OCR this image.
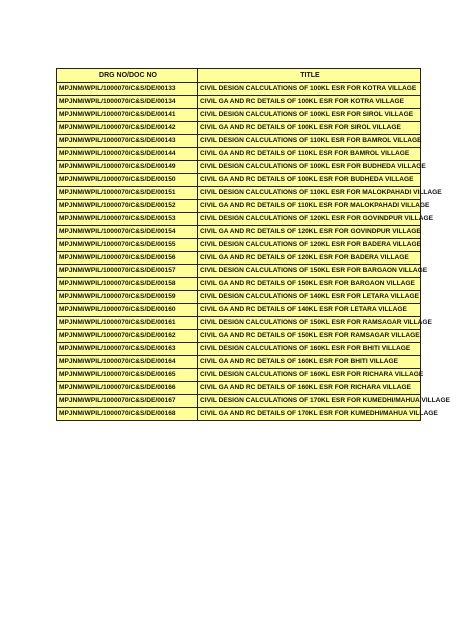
DRG NO/DOC NO	TITLE
MPJNM/WPIL/1000070/C&S/DE/00133	CIVIL DESIGN CALCULATIONS OF 100KL ESR FOR KOTRA VILLAGE
MPJNM/WPIL/1000070/C&S/DE/00134	CIVIL GA AND RC DETAILS OF 100KL ESR FOR KOTRA VILLAGE
MPJNM/WPIL/1000070/C&S/DE/00141	CIVIL DESIGN CALCULATIONS OF 100KL ESR FOR SIROL VILLAGE
MPJNM/WPIL/1000070/C&S/DE/00142	CIVIL GA AND RC DETAILS OF 100KL ESR FOR SIROL VILLAGE
MPJNM/WPIL/1000070/C&S/DE/00143	CIVIL DESIGN CALCULATIONS OF 110KL ESR FOR BAMROL VILLAGE
MPJNM/WPIL/1000070/C&S/DE/00144	CIVIL GA AND RC DETAILS OF 110KL ESR FOR BAMROL VILLAGE
MPJNM/WPIL/1000070/C&S/DE/00149	CIVIL DESIGN CALCULATIONS OF 100KL ESR FOR BUDHEDA VILLAGE
MPJNM/WPIL/1000070/C&S/DE/00150	CIVIL GA AND RC DETAILS OF 100KL ESR FOR BUDHEDA VILLAGE
MPJNM/WPIL/1000070/C&S/DE/00151	CIVIL DESIGN CALCULATIONS OF 110KL ESR FOR MALOKPAHADI VILLAGE
MPJNM/WPIL/1000070/C&S/DE/00152	CIVIL GA AND RC DETAILS OF 110KL ESR FOR MALOKPAHADI VILLAGE
MPJNM/WPIL/1000070/C&S/DE/00153	CIVIL DESIGN CALCULATIONS OF 120KL ESR FOR GOVINDPUR VILLAGE
MPJNM/WPIL/1000070/C&S/DE/00154	CIVIL GA AND RC DETAILS OF 120KL ESR FOR GOVINDPUR VILLAGE
MPJNM/WPIL/1000070/C&S/DE/00155	CIVIL DESIGN CALCULATIONS OF 120KL ESR FOR BADERA VILLAGE
MPJNM/WPIL/1000070/C&S/DE/00156	CIVIL GA AND RC DETAILS OF 120KL ESR FOR BADERA VILLAGE
MPJNM/WPIL/1000070/C&S/DE/00157	CIVIL DESIGN CALCULATIONS OF 150KL ESR FOR BARGAON VILLAGE
MPJNM/WPIL/1000070/C&S/DE/00158	CIVIL GA AND RC DETAILS OF 150KL ESR FOR BARGAON VILLAGE
MPJNM/WPIL/1000070/C&S/DE/00159	CIVIL DESIGN CALCULATIONS OF 140KL ESR FOR LETARA VILLAGE
MPJNM/WPIL/1000070/C&S/DE/00160	CIVIL GA AND RC DETAILS OF 140KL ESR FOR LETARA VILLAGE
MPJNM/WPIL/1000070/C&S/DE/00161	CIVIL DESIGN CALCULATIONS OF 150KL ESR FOR RAMSAGAR VILLAGE
MPJNM/WPIL/1000070/C&S/DE/00162	CIVIL GA AND RC DETAILS OF 150KL ESR FOR RAMSAGAR VILLAGE
MPJNM/WPIL/1000070/C&S/DE/00163	CIVIL DESIGN CALCULATIONS OF 160KL ESR FOR BHITI VILLAGE
MPJNM/WPIL/1000070/C&S/DE/00164	CIVIL GA AND RC DETAILS OF 160KL ESR FOR BHITI VILLAGE
MPJNM/WPIL/1000070/C&S/DE/00165	CIVIL DESIGN CALCULATIONS OF 160KL ESR FOR RICHARA VILLAGE
MPJNM/WPIL/1000070/C&S/DE/00166	CIVIL GA AND RC DETAILS OF 160KL ESR FOR RICHARA VILLAGE
MPJNM/WPIL/1000070/C&S/DE/00167	CIVIL DESIGN CALCULATIONS OF 170KL ESR FOR KUMEDHI/MAHUA VILLAGE
MPJNM/WPIL/1000070/C&S/DE/00168	CIVIL GA AND RC DETAILS OF 170KL ESR FOR KUMEDHI/MAHUA VILLAGE
